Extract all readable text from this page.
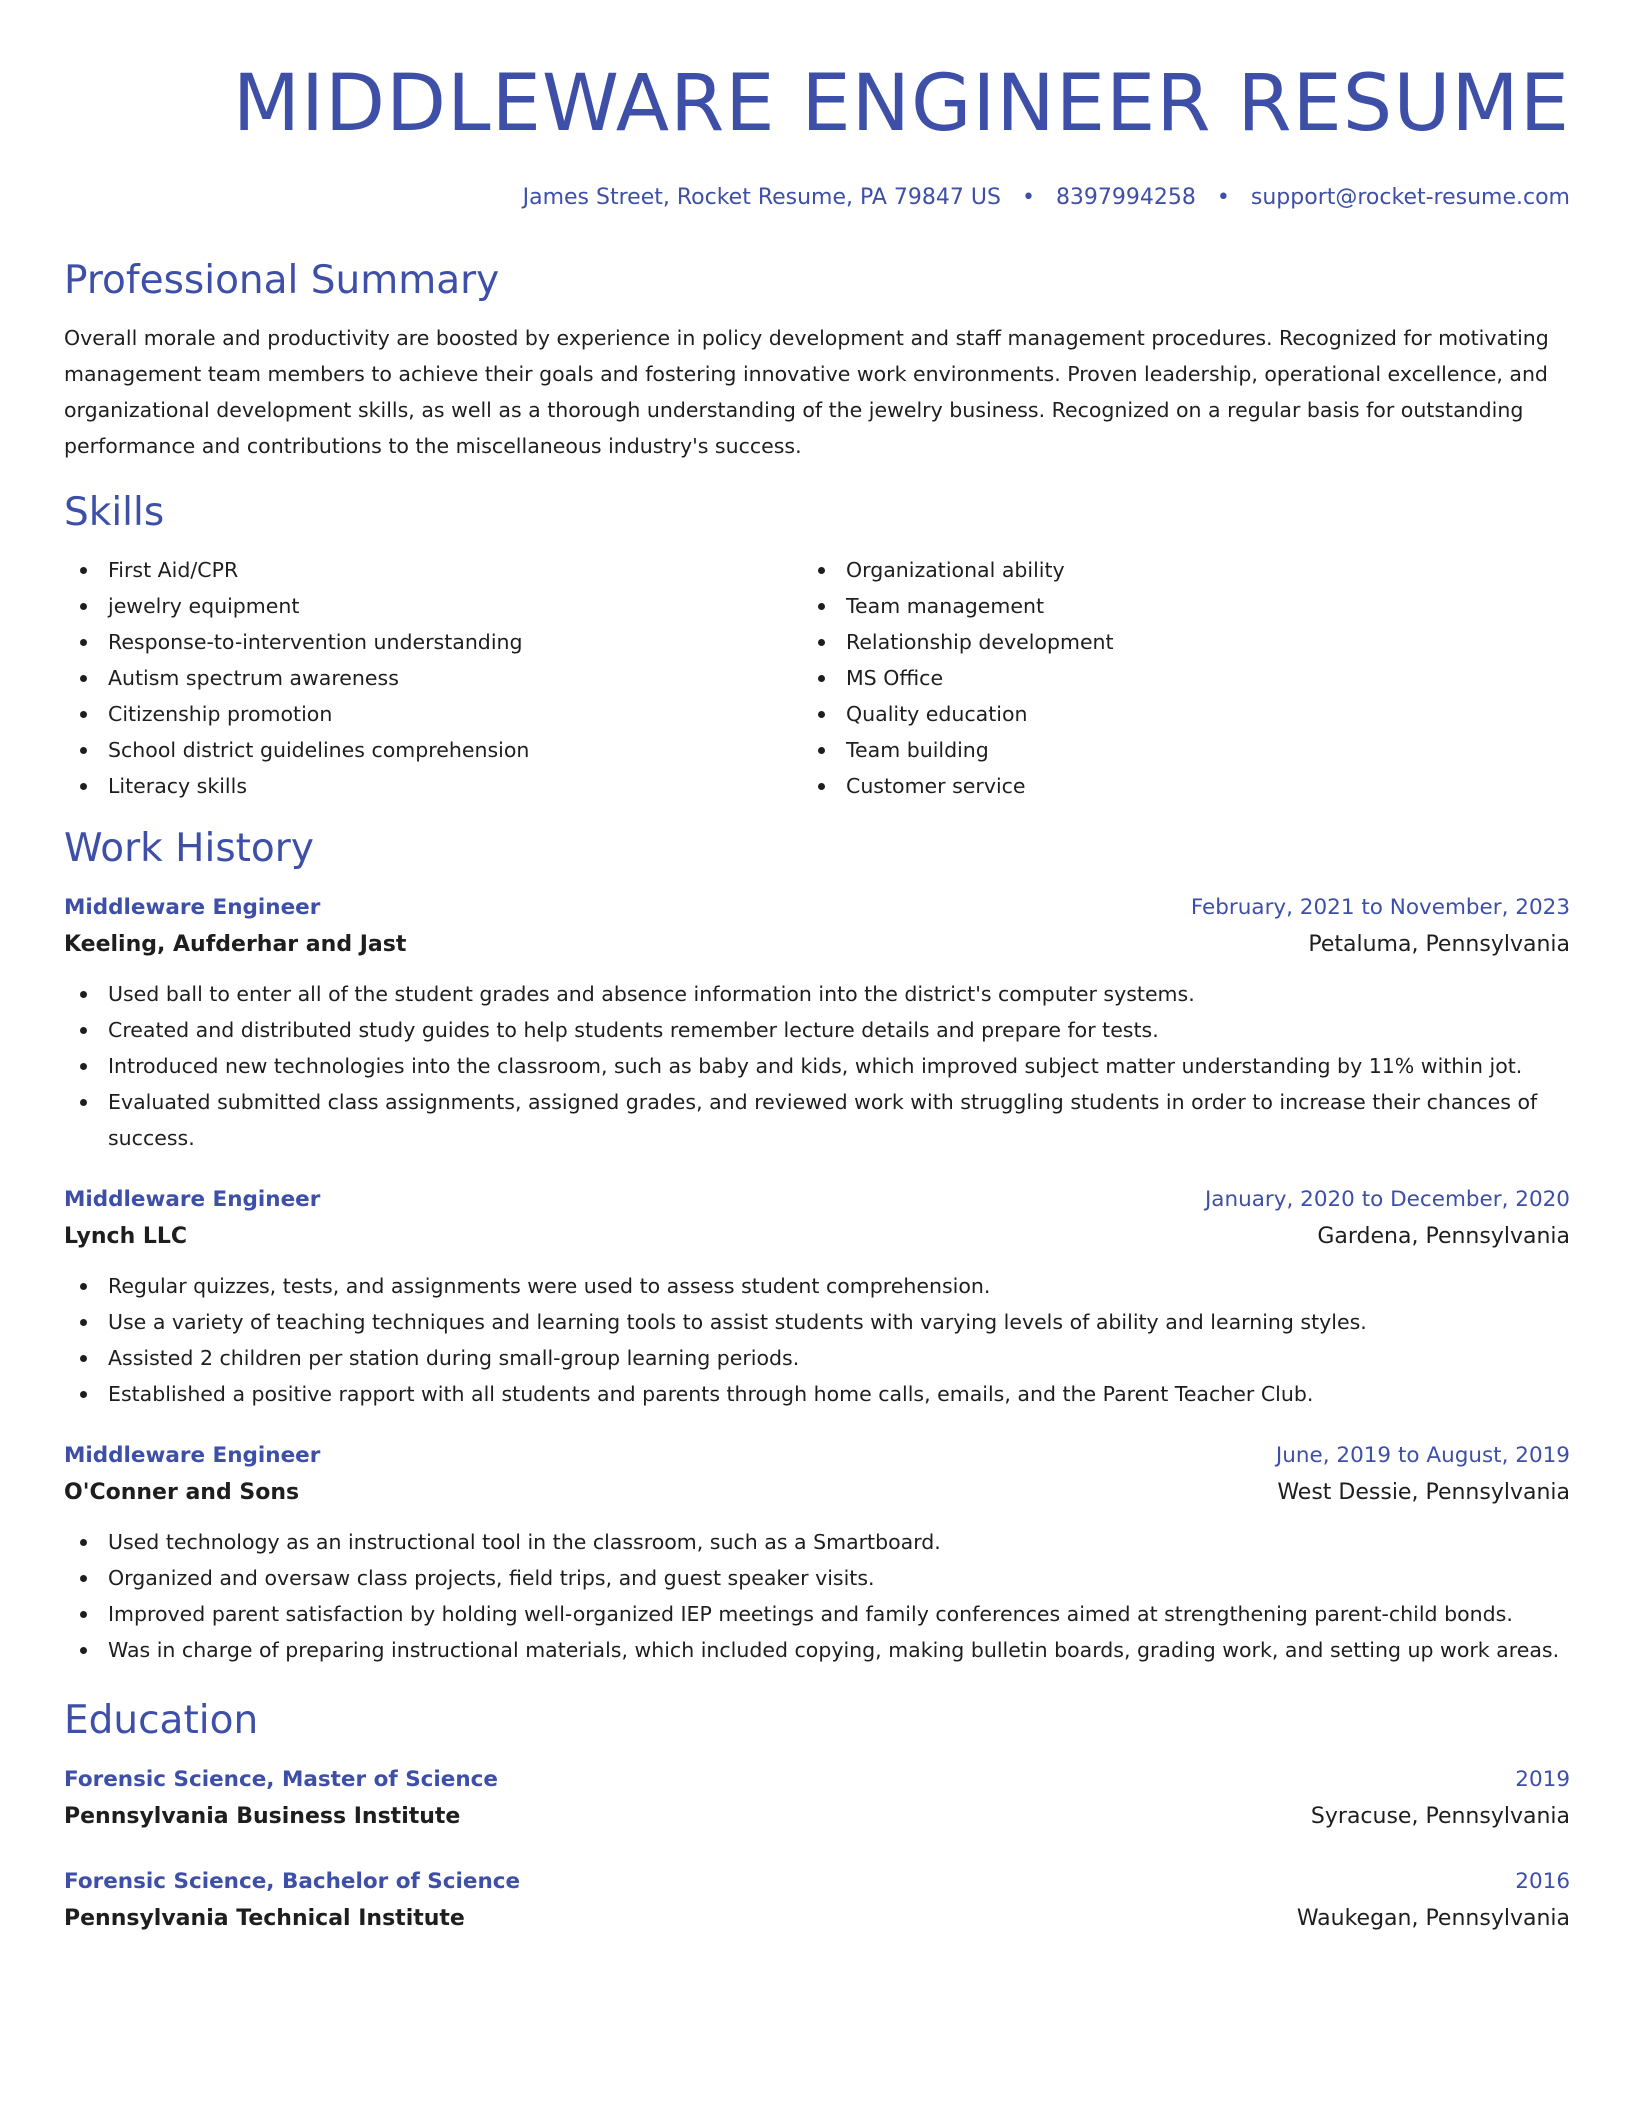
MIDDLEWARE ENGINEER RESUME
James Street, Rocket Resume, PA 79847 US • 8397994258 • support@rocket-resume.com
Professional Summary
Overall morale and productivity are boosted by experience in policy development and staff management procedures. Recognized for motivating management team members to achieve their goals and fostering innovative work environments. Proven leadership, operational excellence, and organizational development skills, as well as a thorough understanding of the jewelry business. Recognized on a regular basis for outstanding performance and contributions to the miscellaneous industry's success.
Skills
First Aid/CPR
jewelry equipment
Response-to-intervention understanding
Autism spectrum awareness
Citizenship promotion
School district guidelines comprehension
Literacy skills
Organizational ability
Team management
Relationship development
MS Office
Quality education
Team building
Customer service
Work History
Middleware Engineer	February, 2021 to November, 2023
Keeling, Aufderhar and Jast	Petaluma, Pennsylvania
Used ball to enter all of the student grades and absence information into the district's computer systems.
Created and distributed study guides to help students remember lecture details and prepare for tests.
Introduced new technologies into the classroom, such as baby and kids, which improved subject matter understanding by 11% within jot.
Evaluated submitted class assignments, assigned grades, and reviewed work with struggling students in order to increase their chances of success.
Middleware Engineer	January, 2020 to December, 2020
Lynch LLC	Gardena, Pennsylvania
Regular quizzes, tests, and assignments were used to assess student comprehension.
Use a variety of teaching techniques and learning tools to assist students with varying levels of ability and learning styles.
Assisted 2 children per station during small-group learning periods.
Established a positive rapport with all students and parents through home calls, emails, and the Parent Teacher Club.
Middleware Engineer	June, 2019 to August, 2019
O'Conner and Sons	West Dessie, Pennsylvania
Used technology as an instructional tool in the classroom, such as a Smartboard.
Organized and oversaw class projects, field trips, and guest speaker visits.
Improved parent satisfaction by holding well-organized IEP meetings and family conferences aimed at strengthening parent-child bonds.
Was in charge of preparing instructional materials, which included copying, making bulletin boards, grading work, and setting up work areas.
Education
Forensic Science, Master of Science	2019
Pennsylvania Business Institute	Syracuse, Pennsylvania
Forensic Science, Bachelor of Science	2016
Pennsylvania Technical Institute	Waukegan, Pennsylvania
